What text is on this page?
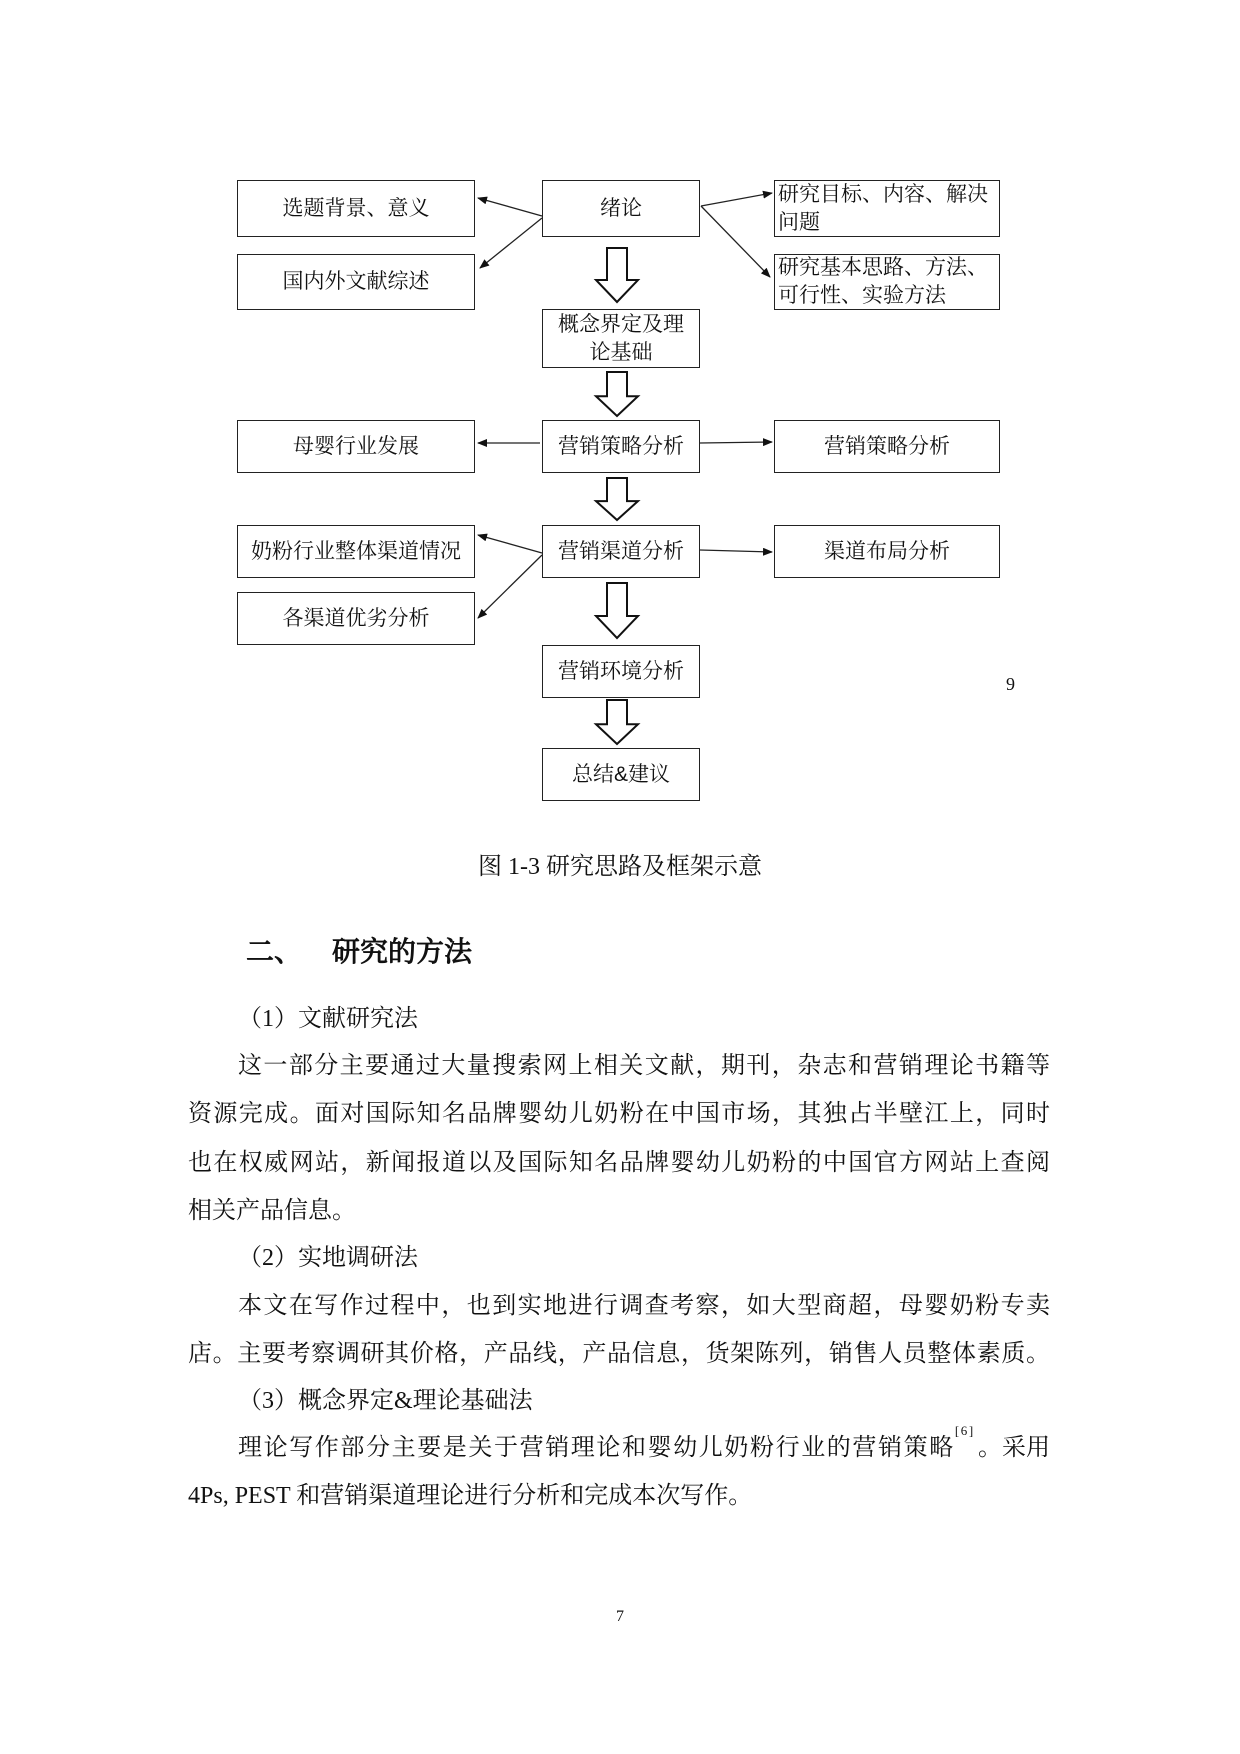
选题背景、意义
国内外文献综述
母婴行业发展
奶粉行业整体渠道情况
各渠道优劣分析
绪论
概念界定及理论基础
营销策略分析
营销渠道分析
营销环境分析
总结&建议
研究目标、内容、解决问题
研究基本思路、方法、可行性、实验方法
营销策略分析
渠道布局分析
9
图 1-3 研究思路及框架示意
二、 研究的方法
（1）文献研究法
这一部分主要通过大量搜索网上相关文献，期刊，杂志和营销理论书籍等
资源完成。面对国际知名品牌婴幼儿奶粉在中国市场，其独占半壁江上，同时
也在权威网站，新闻报道以及国际知名品牌婴幼儿奶粉的中国官方网站上查阅
相关产品信息。
（2）实地调研法
本文在写作过程中，也到实地进行调查考察，如大型商超，母婴奶粉专卖
店。主要考察调研其价格，产品线，产品信息，货架陈列，销售人员整体素质。
（3）概念界定&理论基础法
理论写作部分主要是关于营销理论和婴幼儿奶粉行业的营销策略[6]
。采用
4Ps, PEST 和营销渠道理论进行分析和完成本次写作。
7
